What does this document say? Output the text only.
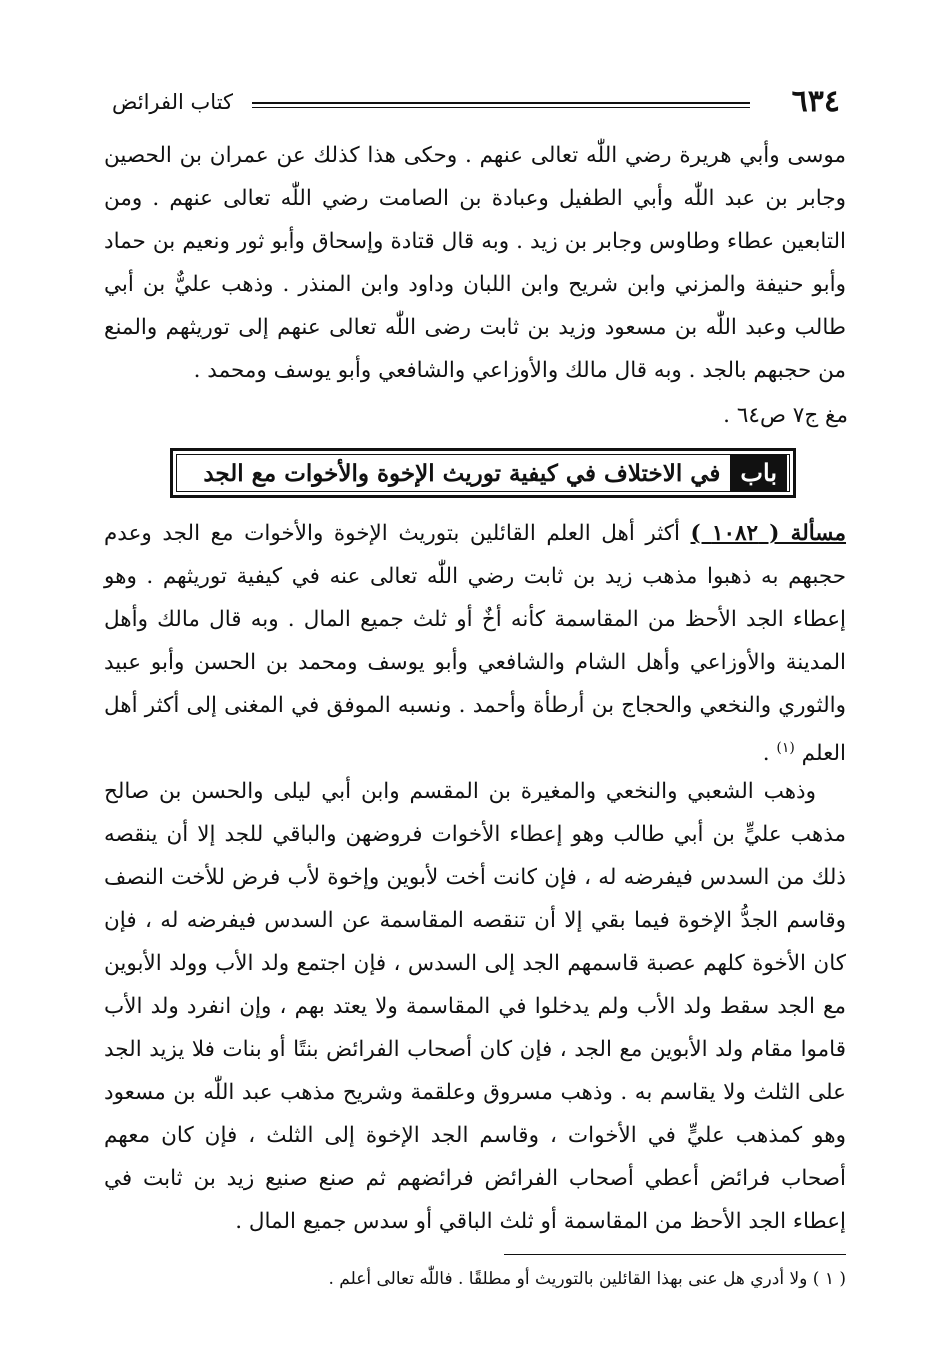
٦٣٤
كتاب الفرائض

موسى وأبي هريرة رضي اللّٰه تعالى عنهم . وحكى هذا كذلك عن عمران بن الحصين وجابر بن عبد اللّٰه وأبي الطفيل وعبادة بن الصامت رضي اللّٰه تعالى عنهم . ومن التابعين عطاء وطاوس وجابر بن زيد . وبه قال قتادة وإسحاق وأبو ثور ونعيم بن حماد وأبو حنيفة والمزني وابن شريح وابن اللبان وداود وابن المنذر . وذهب عليٌّ بن أبي طالب وعبد اللّٰه بن مسعود وزيد بن ثابت رضى اللّٰه تعالى عنهم إلى توريثهم والمنع من حجبهم بالجد . وبه قال مالك والأوزاعي والشافعي وأبو يوسف ومحمد .

مغ ج٧ ص٦٤ .
باب
في الاختلاف في كيفية توريث الإخوة والأخوات مع الجد

مسألة ( ١٠٨٢ ) أكثر أهل العلم القائلين بتوريث الإخوة والأخوات مع الجد وعدم حجبهم به ذهبوا مذهب زيد بن ثابت رضي اللّٰه تعالى عنه في كيفية توريثهم . وهو إعطاء الجد الأحظ من المقاسمة كأنه أخٌ أو ثلث جميع المال . وبه قال مالك وأهل المدينة والأوزاعي وأهل الشام والشافعي وأبو يوسف ومحمد بن الحسن وأبو عبيد والثوري والنخعي والحجاج بن أرطأة وأحمد . ونسبه الموفق في المغنى إلى أكثر أهل العلم $^{(١)}$ .

وذهب الشعبي والنخعي والمغيرة بن المقسم وابن أبي ليلى والحسن بن صالح مذهب عليٍّ بن أبي طالب وهو إعطاء الأخوات فروضهن والباقي للجد إلا أن ينقصه ذلك من السدس فيفرضه له ، فإن كانت أخت لأبوين وإخوة لأب فرض للأخت النصف وقاسم الجدُّ الإخوة فيما بقي إلا أن تنقصه المقاسمة عن السدس فيفرضه له ، فإن كان الأخوة كلهم عصبة قاسمهم الجد إلى السدس ، فإن اجتمع ولد الأب وولد الأبوين مع الجد سقط ولد الأب ولم يدخلوا في المقاسمة ولا يعتد بهم ، وإن انفرد ولد الأب قاموا مقام ولد الأبوين مع الجد ، فإن كان أصحاب الفرائض بنتًا أو بنات فلا يزيد الجد على الثلث ولا يقاسم به . وذهب مسروق وعلقمة وشريح مذهب عبد اللّٰه بن مسعود وهو كمذهب عليٍّ في الأخوات ، وقاسم الجد الإخوة إلى الثلث ، فإن كان معهم أصحاب فرائض أعطي أصحاب الفرائض فرائضهم ثم صنع صنيع زيد بن ثابت في إعطاء الجد الأحظ من المقاسمة أو ثلث الباقي أو سدس جميع المال .

( ١ ) ولا أدري هل عنى بهذا القائلين بالتوريث أو مطلقًا . فاللّٰه تعالى أعلم .
